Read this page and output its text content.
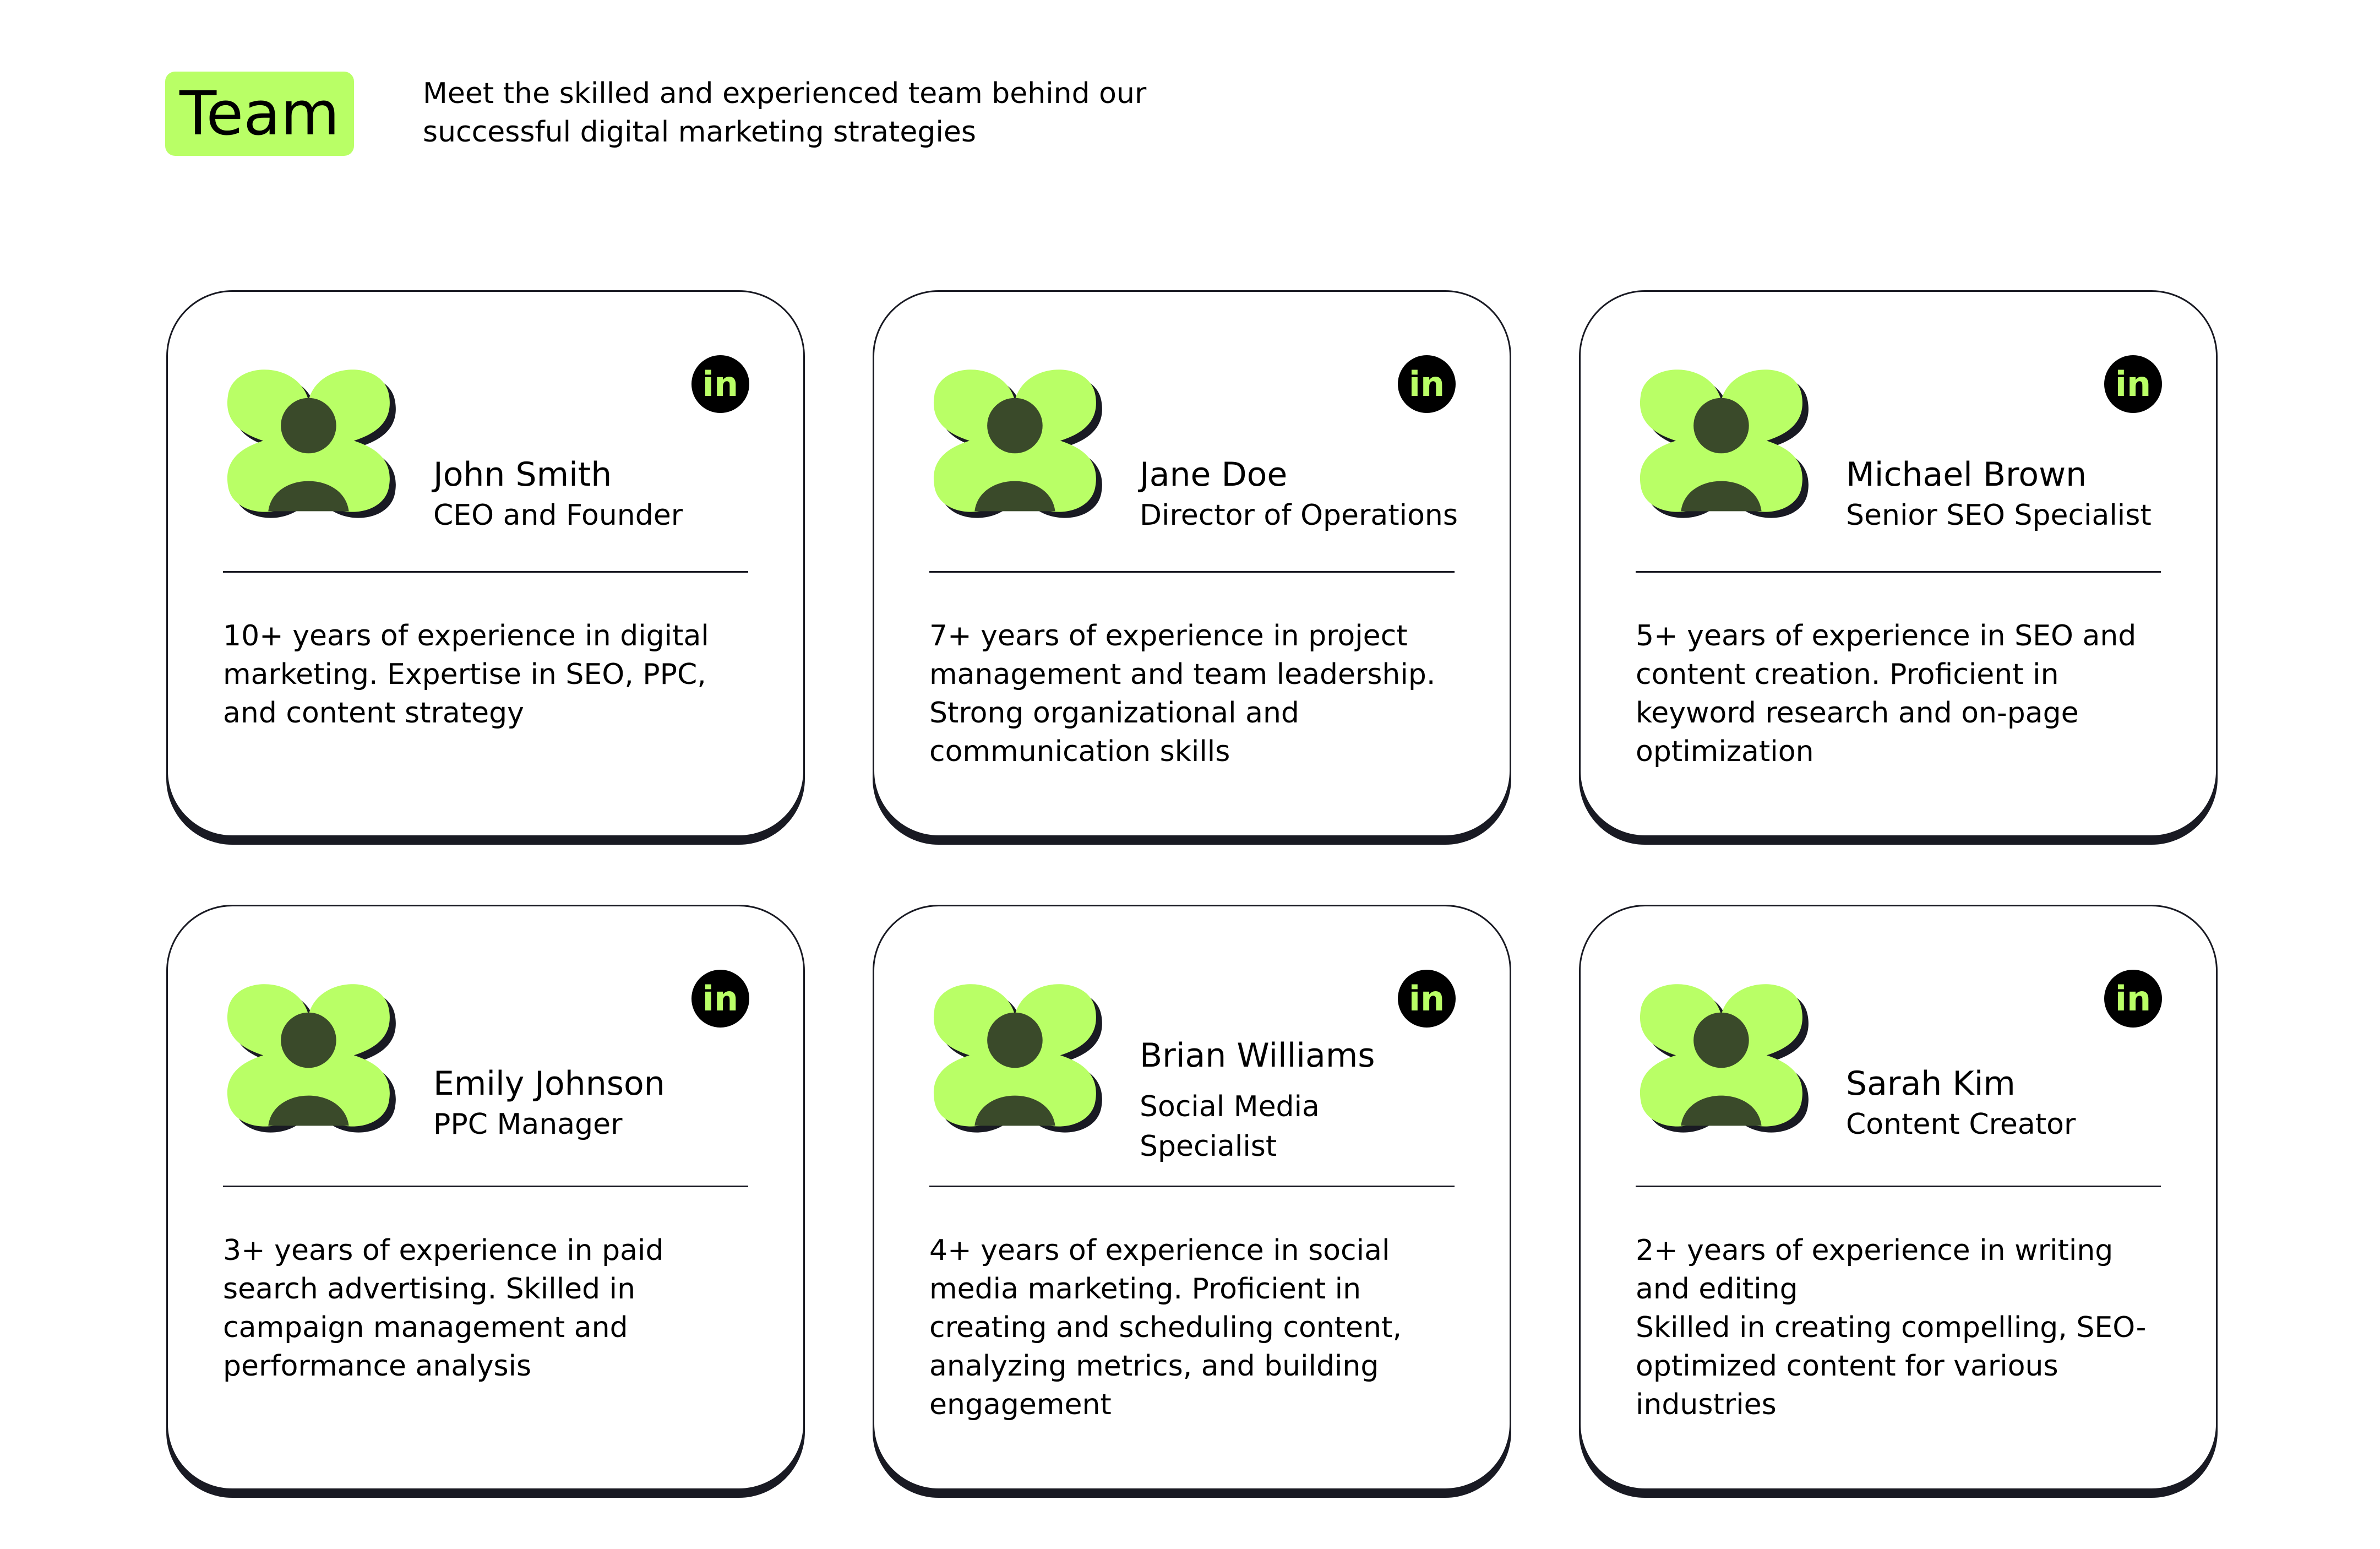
Team	Meet the skilled and experienced team behind our
successful digital marketing strategies
in
John Smith
CEO and Founder
10+ years of experience in digital
marketing. Expertise in SEO, PPC,
and content strategy
in
Jane Doe
Director of Operations
7+ years of experience in project
management and team leadership.
Strong organizational and
communication skills
in
Michael Brown
Senior SEO Specialist
5+ years of experience in SEO and
content creation. Proficient in
keyword research and on-page
optimization
in
Emily Johnson
PPC Manager
3+ years of experience in paid
search advertising. Skilled in
campaign management and
performance analysis
in

Brian Williams

Social Media
Specialist

4+ years of experience in social
media marketing. Proficient in
creating and scheduling content,
analyzing metrics, and building
engagement
in
Sarah Kim
Content Creator
2+ years of experience in writing
and editing
Skilled in creating compelling, SEO-
optimized content for various
industries
